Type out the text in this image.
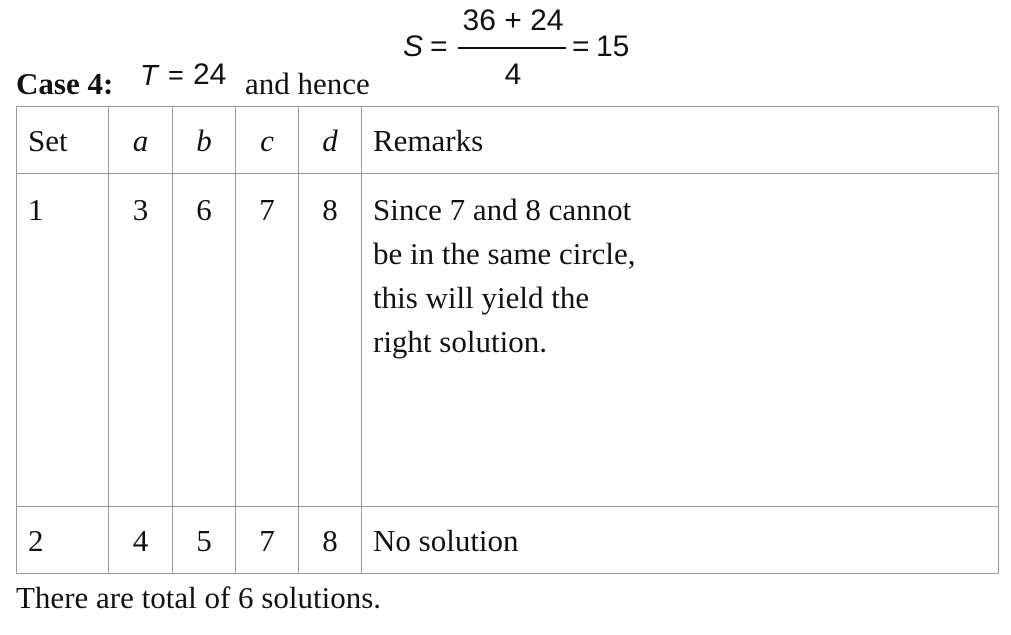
S =
36 + 24
4
= 15
Case 4: T = 24 and hence
Set	a	b	c	d	Remarks
1	3	6	7	8	Since 7 and 8 cannot
be in the same circle,
this will yield the
right solution.

2	4	5	7	8	No solution
There are total of 6 solutions.
